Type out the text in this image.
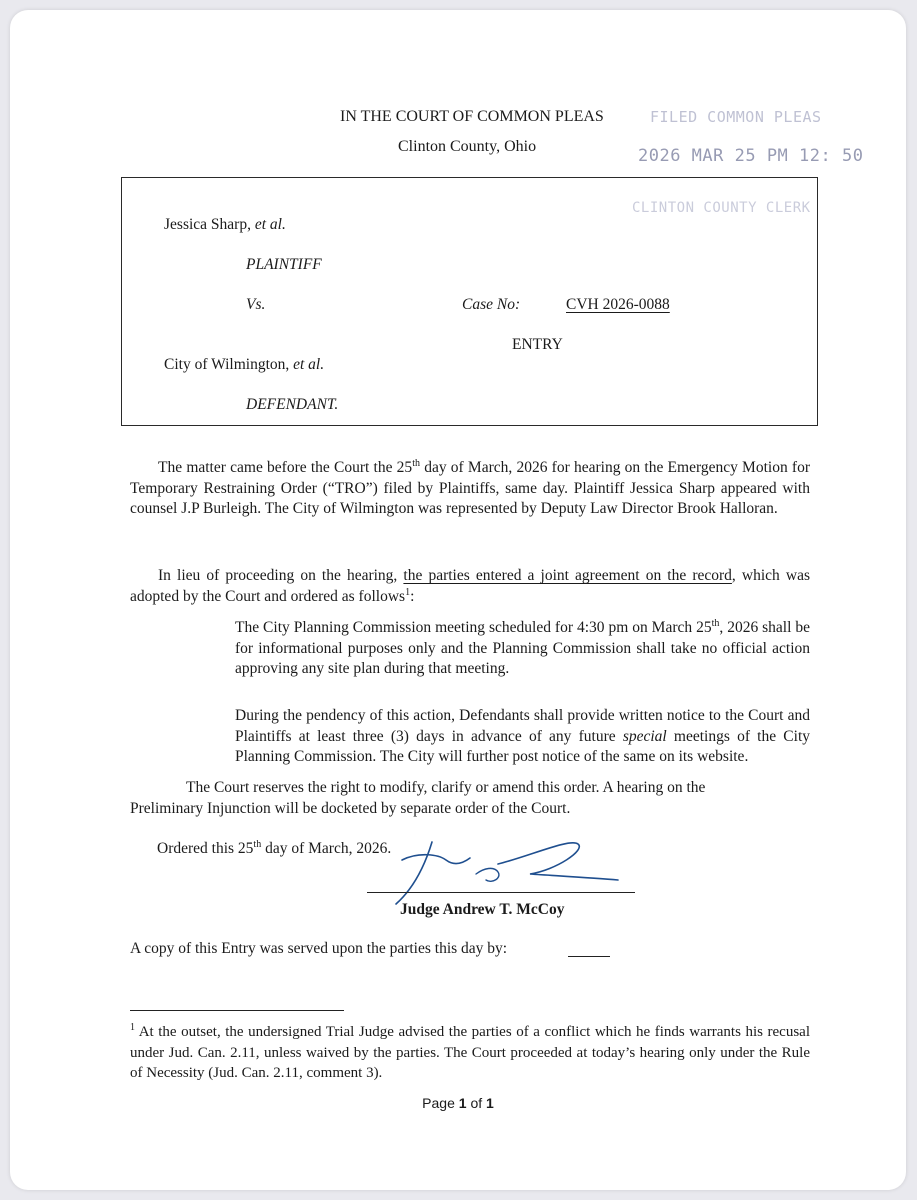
IN THE COURT OF COMMON PLEAS
Clinton County, Ohio
FILED COMMON PLEAS
2026 MAR 25 PM 12: 50
CLINTON COUNTY CLERK
Jessica Sharp, et al.
PLAINTIFF
Vs.	Case No:	CVH 2026-0088
ENTRY
City of Wilmington, et al.
DEFENDANT.
The matter came before the Court the 25th day of March, 2026 for hearing on the Emergency Motion for Temporary Restraining Order (“TRO”) filed by Plaintiffs, same day. Plaintiff Jessica Sharp appeared with counsel J.P Burleigh. The City of Wilmington was represented by Deputy Law Director Brook Halloran.
In lieu of proceeding on the hearing, the parties entered a joint agreement on the record, which was adopted by the Court and ordered as follows$^1$:
The City Planning Commission meeting scheduled for 4:30 pm on March 25th, 2026 shall be for informational purposes only and the Planning Commission shall take no official action approving any site plan during that meeting.
During the pendency of this action, Defendants shall provide written notice to the Court and Plaintiffs at least three (3) days in advance of any future special meetings of the City Planning Commission. The City will further post notice of the same on its website.
The Court reserves the right to modify, clarify or amend this order. A hearing on the
Preliminary Injunction will be docketed by separate order of the Court.
Ordered this 25th day of March, 2026.
Judge Andrew T. McCoy
A copy of this Entry was served upon the parties this day by:
$^1$ At the outset, the undersigned Trial Judge advised the parties of a conflict which he finds warrants his recusal under Jud. Can. 2.11, unless waived by the parties. The Court proceeded at today’s hearing only under the Rule of Necessity (Jud. Can. 2.11, comment 3).
Page 1 of 1
